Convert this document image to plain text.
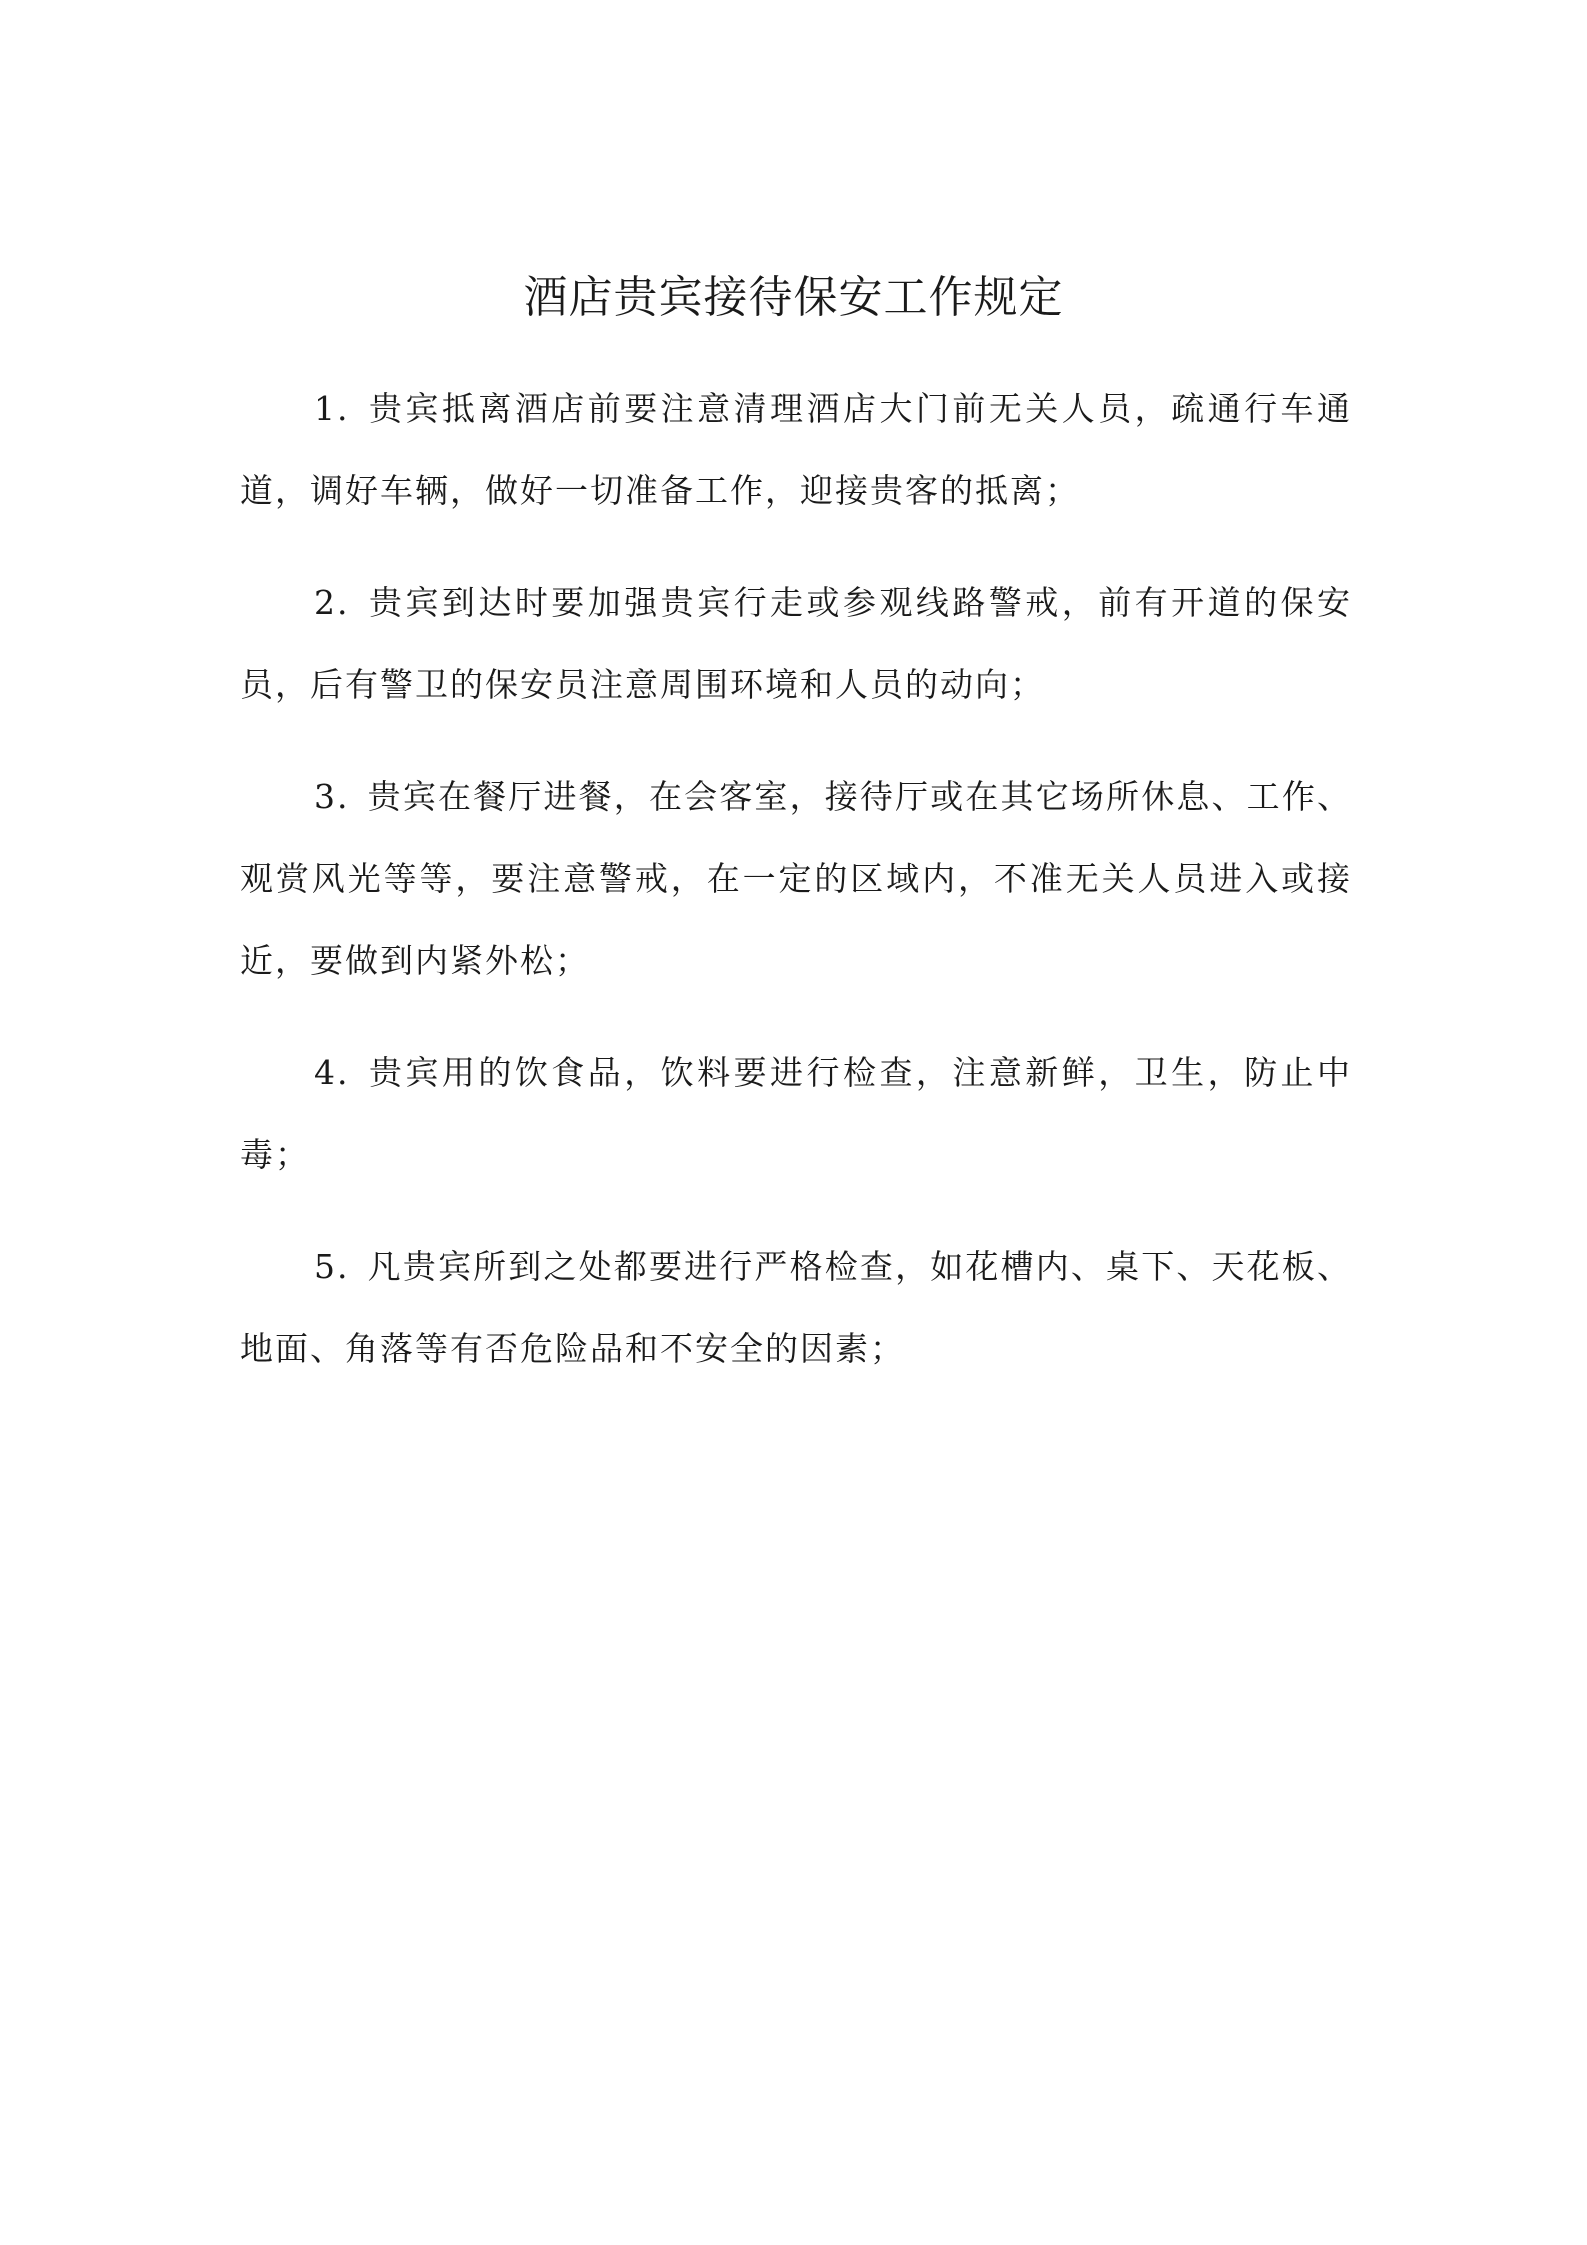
酒店贵宾接待保安工作规定

1. 贵宾抵离酒店前要注意清理酒店大门前无关人员，疏通行车通道，调好车辆，做好一切准备工作，迎接贵客的抵离；

2. 贵宾到达时要加强贵宾行走或参观线路警戒，前有开道的保安员，后有警卫的保安员注意周围环境和人员的动向；

3. 贵宾在餐厅进餐，在会客室，接待厅或在其它场所休息、工作、观赏风光等等，要注意警戒，在一定的区域内，不准无关人员进入或接近，要做到内紧外松；

4. 贵宾用的饮食品，饮料要进行检查，注意新鲜，卫生，防止中毒；

5. 凡贵宾所到之处都要进行严格检查，如花槽内、桌下、天花板、地面、角落等有否危险品和不安全的因素；
